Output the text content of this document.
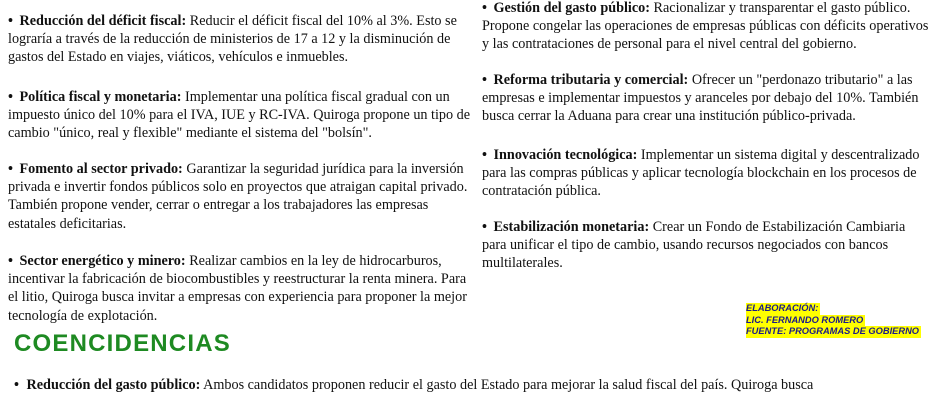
• Reducción del déficit fiscal: Reducir el déficit fiscal del 10% al 3%. Esto se lograría a través de la reducción de ministerios de 17 a 12 y la disminución de gastos del Estado en viajes, viáticos, vehículos e inmuebles.
• Política fiscal y monetaria: Implementar una política fiscal gradual con un impuesto único del 10% para el IVA, IUE y RC-IVA. Quiroga propone un tipo de cambio "único, real y flexible" mediante el sistema del "bolsín".
• Fomento al sector privado: Garantizar la seguridad jurídica para la inversión privada e invertir fondos públicos solo en proyectos que atraigan capital privado. También propone vender, cerrar o entregar a los trabajadores las empresas estatales deficitarias.
• Sector energético y minero: Realizar cambios en la ley de hidrocarburos, incentivar la fabricación de biocombustibles y reestructurar la renta minera. Para el litio, Quiroga busca invitar a empresas con experiencia para proponer la mejor tecnología de explotación.
• Gestión del gasto público: Racionalizar y transparentar el gasto público. Propone congelar las operaciones de empresas públicas con déficits operativos y las contrataciones de personal para el nivel central del gobierno.
• Reforma tributaria y comercial: Ofrecer un "perdonazo tributario" a las empresas e implementar impuestos y aranceles por debajo del 10%. También busca cerrar la Aduana para crear una institución público-privada.
• Innovación tecnológica: Implementar un sistema digital y descentralizado para las compras públicas y aplicar tecnología blockchain en los procesos de contratación pública.
• Estabilización monetaria: Crear un Fondo de Estabilización Cambiaria para unificar el tipo de cambio, usando recursos negociados con bancos multilaterales.
ELABORACIÓN:
LIC. FERNANDO ROMERO
FUENTE: PROGRAMAS DE GOBIERNO
COENCIDENCIAS
• Reducción del gasto público: Ambos candidatos proponen reducir el gasto del Estado para mejorar la salud fiscal del país. Quiroga busca
